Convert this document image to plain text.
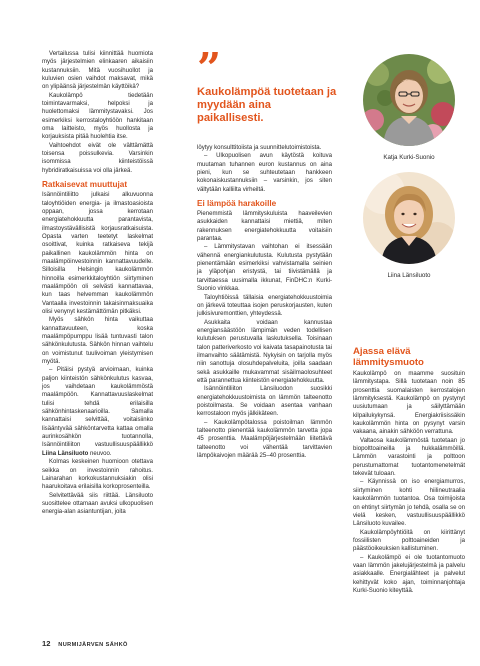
Vertailussa tulisi kiinnittää huomiota myös järjestelmien elinkaaren aikaisiin kustannuksiin. Mitä vuosihuollot ja kuluvien osien vaihdot maksavat, mikä on ylipäänsä järjestelmän käyttöikä?

Kaukolämpö tiedetään toimintavarmaksi, helpoksi ja huolettomaksi lämmitystavaksi. Jos esimerkiksi kerrostaloyhtiöön hankitaan oma laitteisto, myös huollosta ja korjauksista pitää huolehtia itse.

Vaihtoehdot eivät ole välttämättä toisensa poissulkevia. Varsinkin isommissa kiinteistöissä hybridiratkaisuissa voi olla järkeä.

Ratkaisevat muuttujat

Isännöintiliitto julkaisi alkuvuonna taloyhtiöiden energia- ja ilmastoasioista oppaan, jossa kerrotaan energiatehokkuutta parantavista, ilmastoystävällisistä korjausratkaisuista. Opasta varten teetetyt laskelmat osoittivat, kuinka ratkaiseva tekijä paikallinen kaukolämmön hinta on maalämpöinvestoinnin kannattavuudelle. Silloisilla Helsingin kaukolämmön hinnoilla esimerkkitaloyhtiön siirtyminen maalämpöön oli selvästi kannattavaa, kun taas helvemman kaukolämmön Vantaalla investoinnin takaisinmaksuaika olisi venynyt kestämättömän pitkäksi.

Myös sähkön hinta vaikuttaa kannattavuuteen, koska maalämpöpumppu lisää tuntuvasti talon sähkönkulutusta. Sähkön hinnan vaihtelu on voimistunut tuulivoiman yleistymisen myötä.

– Pitäisi pystyä arvioimaan, kuinka paljon kiinteistön sähkönkulutus kasvaa, jos vaihdetaan kaukolämmöstä maalämpöön. Kannattavuuslaskelmat tulisi tehdä erilaisilla sähkönhintaskenaarioilla. Samalla kannattaisi selvittää, voitaisiinko lisääntyvää sähköntarvetta kattaa omalla aurinkosähkön tuotannolla, Isännöintiliiton vastuullisuuspäällikkö Liina Länsiluoto neuvoo.

Kolmas keskeinen huomioon otettava seikka on investoinnin rahoitus. Lainarahan korkokustannuksiakin olisi haarukoitava erilaisilla korkoprosenteilla.

Selvitettävää siis riittää. Länsiluoto suosittelee ottamaan avuksi ulkopuolisen energia-alan asiantuntijan, joita

”
Kaukolämpöä tuotetaan ja myydään aina paikallisesti.

löytyy konsulttitoiista ja suunnittelutoimistoista.

– Ulkopuolisen avun käytöstä koituva muutaman tuhannen euron kustannus on aina pieni, kun se suhteutetaan hankkeen kokonaiskustannuksiin – varsinkin, jos siten vältytään kalliilta virheiltä.

Ei lämpöä harakoille

Pienemmistä lämmityskuluista haaveilevien asukkaiden kannattaisi miettiä, miten rakennuksen energiatehokkuutta voitaisiin parantaa.

– Lämmitystavan vaihtohan ei itsessään vähennä energiankulutusta. Kulutusta pystytään pienentämään esimerkiksi vahvistamalla seinien ja yläpohjan eristystä, tai tiivistämällä ja tarvittaessa uusimalla ikkunat, FinDHC:n Kurki-Suonio vinkkaa.

Taloyhtiöissä tällaisia energiatehokkuustoimia on järkevä toteuttaa isojen peruskorjausten, kuten julkisivuremonttien, yhteydessä.

Asukkaita voidaan kannustaa energiansäästöön lämpimän veden todellisen kulutuksen perustuvalla laskutuksella. Toisinaan talon patteriverkosto voi kaivata tasapainotusta tai ilmanvaihto säätämistä. Nykyisin on tarjolla myös niin sanottuja olosuhdepalveluita, joilla saadaan sekä asukkaille mukavammat sisäilmaolosuhteet että parannettua kiinteistön energiatehokkuutta.

Isännöintiliiton Länsiluodon suosikki energiatehokkuustoimista on lämmön talteenotto poistoilmasta. Se voidaan asentaa vanhaan kerrostaloon myös jälkikäteen.

– Kaukolämpötalossa poistoilman lämmön talteenotto pienentää kaukolämmön tarvetta jopa 45 prosenttia. Maalämpöjärjestelmään liitettävä talteenotto voi vähentää tarvittavien lämpökaivojen määrää 25–40 prosenttia.

Katja Kurki-Suonio
Liina Länsiluoto
Ajassa elävä lämmitysmuoto

Kaukolämpö on maamme suosituin lämmitystapa. Sillä tuotetaan noin 85 prosenttia suomalaisten kerrostalojen lämmityksestä. Kaukolämpö on pystynyt uusiutumaan ja säilyttämään kilpailukykynsä. Energiakriisissäkin kaukolämmön hinta on pysynyt varsin vakaana, ainakin sähköön verrattuna.

Valtaosa kaukolämmöstä tuotetaan jo biopolttoaineilla ja hukkalämmöillä. Lämmön varastointi ja polttoon perustumattomat tuotantomenetelmät tekevät tuloaan.

– Käynnissä on iso energiamurros, siirtyminen kohti hiilineutraalia kaukolämmön tuotantoa. Osa toimijoista on ehtinyt siirtymän jo tehdä, osalla se on vielä kesken, vastuullisuuspäällikkö Länsiluoto kuvailee.

Kaukolämpöyhtiöitä on kiirittänyt fossiilisten polttoaineiden ja päästöoikeuksien kallistuminen.

– Kaukolämpö ei ole tuotantomuoto vaan lämmön jakelujärjestelmä ja palvelu asiakkaalle. Energialähteet ja palvelut kehittyvät koko ajan, toiminnanjohtaja Kurki-Suonio kiteyttää.

12 NURMIJÄRVEN SÄHKÖ
